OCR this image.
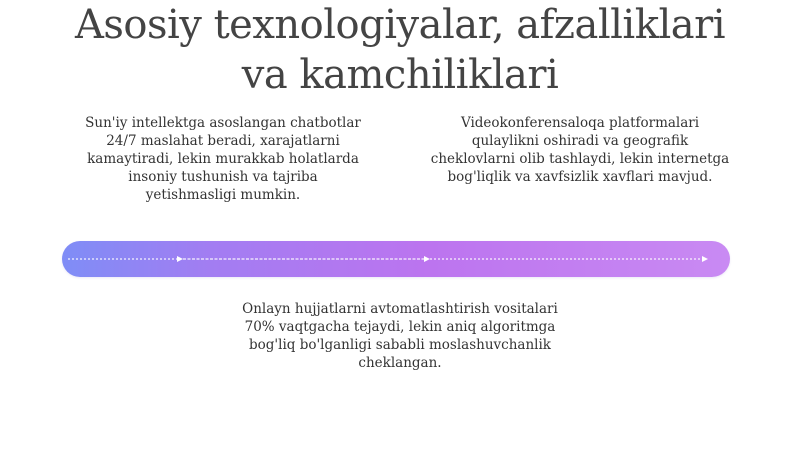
Asosiy texnologiyalar, afzalliklari
va kamchiliklari
Sun'iy intellektga asoslangan chatbotlar
24/7 maslahat beradi, xarajatlarni
kamaytiradi, lekin murakkab holatlarda
insoniy tushunish va tajriba
yetishmasligi mumkin.
Videokonferensaloqa platformalari
qulaylikni oshiradi va geografik
cheklovlarni olib tashlaydi, lekin internetga
bog'liqlik va xavfsizlik xavflari mavjud.
Onlayn hujjatlarni avtomatlashtirish vositalari
70% vaqtgacha tejaydi, lekin aniq algoritmga
bog'liq bo'lganligi sababli moslashuvchanlik
cheklangan.
